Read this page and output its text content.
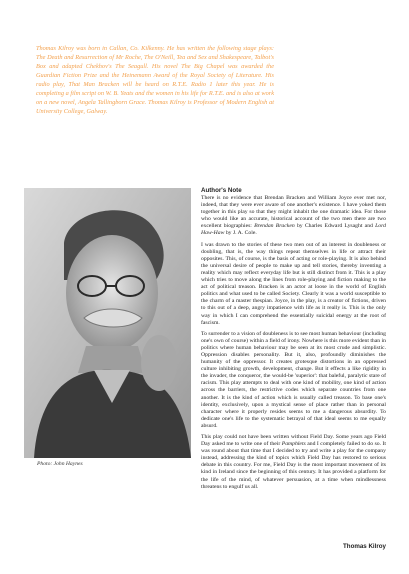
Thomas Kilroy was born in Callan, Co. Kilkenny. He has written the following stage plays: The Death and Resurrection of Mr Roche, The O'Neill, Tea and Sex and Shakespeare, Talbot's Box and adapted Chekhov's The Seagull. His novel The Big Chapel was awarded the Guardian Fiction Prize and the Heinemann Award of the Royal Society of Literature. His radio play, That Man Bracken will be heard on R.T.E. Radio 1 later this year. He is completing a film script on W. B. Yeats and the women in his life for R.T.E. and is also at work on a new novel, Angela Tallingborn Grace. Thomas Kilroy is Professor of Modern English at University College, Galway.

Photo: John Haynes

Author's Note

There is no evidence that Brendan Bracken and William Joyce ever met nor, indeed, that they were ever aware of one another's existence. I have yoked them together in this play so that they might inhabit the one dramatic idea. For those who would like an accurate, historical account of the two men there are two excellent biographies: Brendan Bracken by Charles Edward Lysaght and Lord Haw-Haw by J. A. Cole.

I was drawn to the stories of these two men out of an interest in doubleness or doubling, that is, the way things repeat themselves in life or attract their opposites. This, of course, is the basis of acting or role-playing. It is also behind the universal desire of people to make up and tell stories, thereby inventing a reality which may reflect everyday life but is still distinct from it. This is a play which tries to move along the lines from role-playing and fiction making to the act of political treason. Bracken is an actor at loose in the world of English politics and what used to be called Society. Clearly it was a world susceptible to the charm of a master thespian. Joyce, in the play, is a creator of fictions, driven to this out of a deep, angry impatience with life as it really is. This is the only way in which I can comprehend the essentially suicidal energy at the root of fascism.

To surrender to a vision of doubleness is to see most human behaviour (including one's own of course) within a field of irony. Nowhere is this more evident than in politics where human behaviour may be seen at its most crude and simplistic. Oppression disables personality. But it, also, profoundly diminishes the humanity of the oppressor. It creates grotesque distortions in an oppressed culture inhibiting growth, development, change. But it effects a like rigidity in the invader, the conqueror, the would-be 'superior': that baleful, paralytic stare of racism. This play attempts to deal with one kind of mobility, one kind of action across the barriers, the restrictive codes which separate countries from one another. It is the kind of action which is usually called treason. To base one's identity, exclusively, upon a mystical sense of place rather than in personal character where it properly resides seems to me a dangerous absurdity. To dedicate one's life to the systematic betrayal of that ideal seems to me equally absurd.

This play could not have been written without Field Day. Some years ago Field Day asked me to write one of their Pamphlets and I completely failed to do so. It was round about that time that I decided to try and write a play for the company instead, addressing the kind of topics which Field Day has restored to serious debate in this country. For me, Field Day is the most important movement of its kind in Ireland since the beginning of this century. It has provided a platform for the life of the mind, of whatever persuasion, at a time when mindlessness threatens to engulf us all.

Thomas Kilroy
